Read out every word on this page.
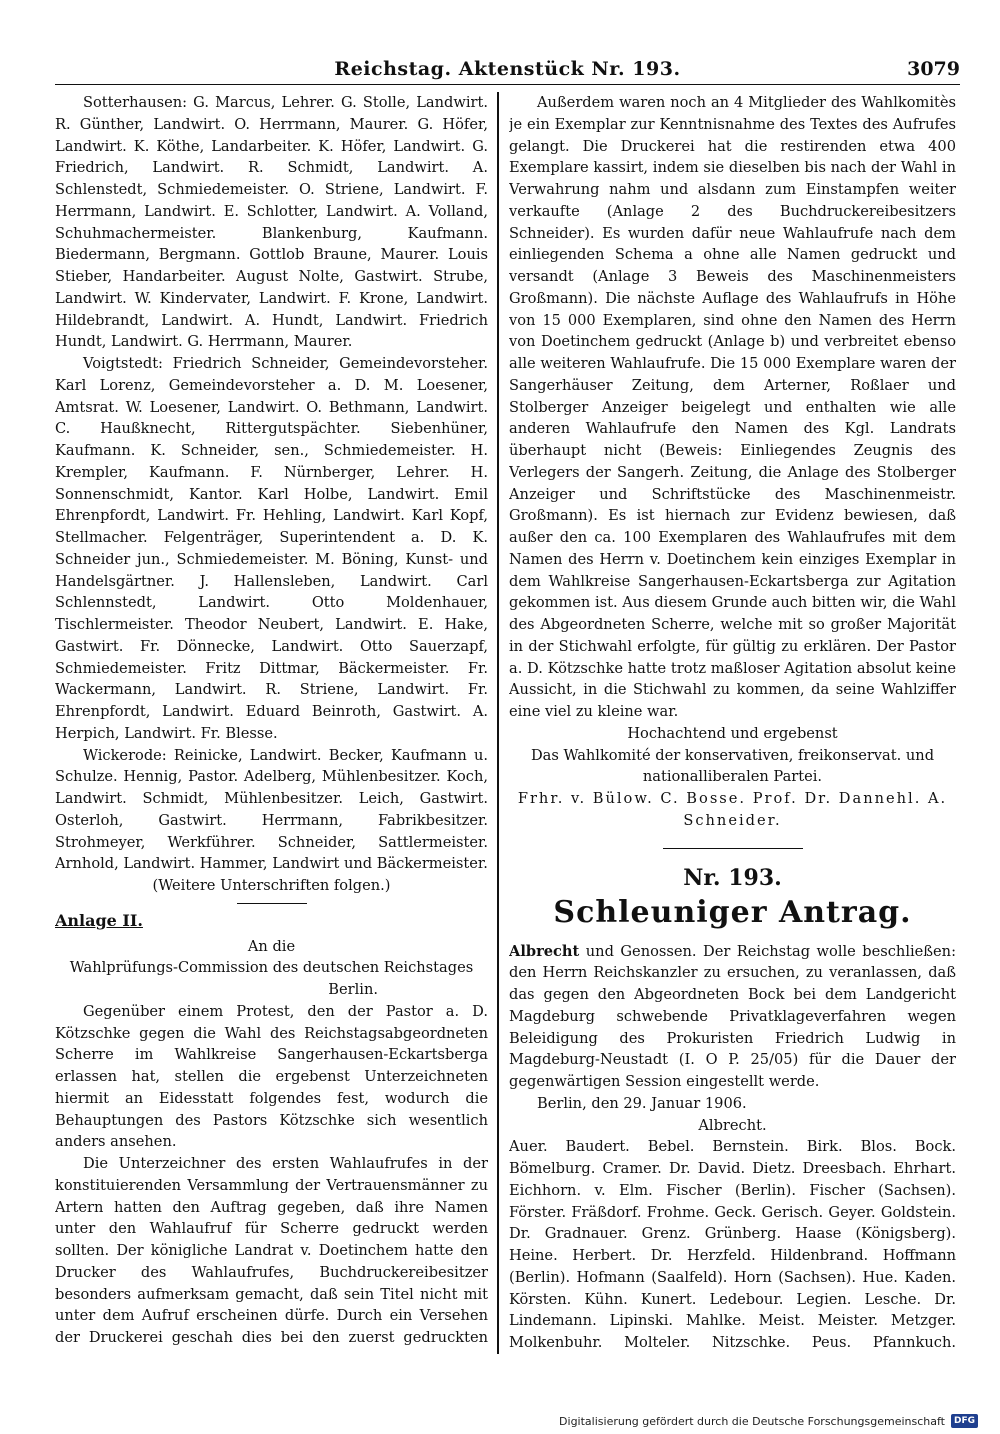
Reichstag. Aktenstück Nr. 193.	3079

Sotterhausen: G. Marcus, Lehrer. G. Stolle, Landwirt. R. Günther, Landwirt. O. Herrmann, Maurer. G. Höfer, Landwirt. K. Köthe, Landarbeiter. K. Höfer, Landwirt. G. Friedrich, Landwirt. R. Schmidt, Landwirt. A. Schlenstedt, Schmiedemeister. O. Striene, Landwirt. F. Herrmann, Landwirt. E. Schlotter, Landwirt. A. Volland, Schuhmachermeister. Blankenburg, Kaufmann. Biedermann, Bergmann. Gottlob Braune, Maurer. Louis Stieber, Handarbeiter. August Nolte, Gastwirt. Strube, Landwirt. W. Kindervater, Landwirt. F. Krone, Landwirt. Hildebrandt, Landwirt. A. Hundt, Landwirt. Friedrich Hundt, Landwirt. G. Herrmann, Maurer.

Voigtstedt: Friedrich Schneider, Gemeindevorsteher. Karl Lorenz, Gemeindevorsteher a. D. M. Loesener, Amtsrat. W. Loesener, Landwirt. O. Bethmann, Landwirt. C. Haußknecht, Rittergutspächter. Siebenhüner, Kaufmann. K. Schneider, sen., Schmiedemeister. H. Krempler, Kaufmann. F. Nürnberger, Lehrer. H. Sonnenschmidt, Kantor. Karl Holbe, Landwirt. Emil Ehrenpfordt, Landwirt. Fr. Hehling, Landwirt. Karl Kopf, Stellmacher. Felgenträger, Superintendent a. D. K. Schneider jun., Schmiedemeister. M. Böning, Kunst- und Handelsgärtner. J. Hallensleben, Landwirt. Carl Schlennstedt, Landwirt. Otto Moldenhauer, Tischlermeister. Theodor Neubert, Landwirt. E. Hake, Gastwirt. Fr. Dönnecke, Landwirt. Otto Sauerzapf, Schmiedemeister. Fritz Dittmar, Bäckermeister. Fr. Wackermann, Landwirt. R. Striene, Landwirt. Fr. Ehrenpfordt, Landwirt. Eduard Beinroth, Gastwirt. A. Herpich, Landwirt. Fr. Blesse.

Wickerode: Reinicke, Landwirt. Becker, Kaufmann u. Schulze. Hennig, Pastor. Adelberg, Mühlenbesitzer. Koch, Landwirt. Schmidt, Mühlenbesitzer. Leich, Gastwirt. Osterloh, Gastwirt. Herrmann, Fabrikbesitzer. Strohmeyer, Werkführer. Schneider, Sattlermeister. Arnhold, Landwirt. Hammer, Landwirt und Bäckermeister.

(Weitere Unterschriften folgen.)

Anlage II.

An die

Wahlprüfungs-Commission des deutschen Reichstages

Berlin.

Gegenüber einem Protest, den der Pastor a. D. Kötzschke gegen die Wahl des Reichstagsabgeordneten Scherre im Wahlkreise Sangerhausen-Eckartsberga erlassen hat, stellen die ergebenst Unterzeichneten hiermit an Eidesstatt folgendes fest, wodurch die Behauptungen des Pastors Kötzschke sich wesentlich anders ansehen.

Die Unterzeichner des ersten Wahlaufrufes in der konstituierenden Versammlung der Vertrauensmänner zu Artern hatten den Auftrag gegeben, daß ihre Namen unter den Wahlaufruf für Scherre gedruckt werden sollten. Der königliche Landrat v. Doetinchem hatte den Drucker des Wahlaufrufes, Buchdruckereibesitzer besonders aufmerksam gemacht, daß sein Titel nicht mit unter dem Aufruf erscheinen dürfe. Durch ein Versehen der Druckerei geschah dies bei den zuerst gedruckten

Außerdem waren noch an 4 Mitglieder des Wahlkomitès je ein Exemplar zur Kenntnisnahme des Textes des Aufrufes gelangt. Die Druckerei hat die restirenden etwa 400 Exemplare kassirt, indem sie dieselben bis nach der Wahl in Verwahrung nahm und alsdann zum Einstampfen weiter verkaufte (Anlage 2 des Buchdruckereibesitzers Schneider). Es wurden dafür neue Wahlaufrufe nach dem einliegenden Schema a ohne alle Namen gedruckt und versandt (Anlage 3 Beweis des Maschinenmeisters Großmann). Die nächste Auflage des Wahlaufrufs in Höhe von 15 000 Exemplaren, sind ohne den Namen des Herrn von Doetinchem gedruckt (Anlage b) und verbreitet ebenso alle weiteren Wahlaufrufe. Die 15 000 Exemplare waren der Sangerhäuser Zeitung, dem Arterner, Roßlaer und Stolberger Anzeiger beigelegt und enthalten wie alle anderen Wahlaufrufe den Namen des Kgl. Landrats überhaupt nicht (Beweis: Einliegendes Zeugnis des Verlegers der Sangerh. Zeitung, die Anlage des Stolberger Anzeiger und Schriftstücke des Maschinenmeistr. Großmann). Es ist hiernach zur Evidenz bewiesen, daß außer den ca. 100 Exemplaren des Wahlaufrufes mit dem Namen des Herrn v. Doetinchem kein einziges Exemplar in dem Wahlkreise Sangerhausen-Eckartsberga zur Agitation gekommen ist. Aus diesem Grunde auch bitten wir, die Wahl des Abgeordneten Scherre, welche mit so großer Majorität in der Stichwahl erfolgte, für gültig zu erklären. Der Pastor a. D. Kötzschke hatte trotz maßloser Agitation absolut keine Aussicht, in die Stichwahl zu kommen, da seine Wahlziffer eine viel zu kleine war.

Hochachtend und ergebenst

Das Wahlkomité der konservativen, freikonservat. und nationalliberalen Partei.

Frhr. v. Bülow. C. Bosse. Prof. Dr. Dannehl. A. Schneider.

Nr. 193.

Schleuniger Antrag.

Albrecht und Genossen. Der Reichstag wolle beschließen: den Herrn Reichskanzler zu ersuchen, zu veranlassen, daß das gegen den Abgeordneten Bock bei dem Landgericht Magdeburg schwebende Privatklageverfahren wegen Beleidigung des Prokuristen Friedrich Ludwig in Magdeburg-Neustadt (I. O P. 25/05) für die Dauer der gegenwärtigen Session eingestellt werde.

Berlin, den 29. Januar 1906.

Albrecht.

Auer. Baudert. Bebel. Bernstein. Birk. Blos. Bock. Bömelburg. Cramer. Dr. David. Dietz. Dreesbach. Ehrhart. Eichhorn. v. Elm. Fischer (Berlin). Fischer (Sachsen). Förster. Fräßdorf. Frohme. Geck. Gerisch. Geyer. Goldstein. Dr. Gradnauer. Grenz. Grünberg. Haase (Königsberg). Heine. Herbert. Dr. Herzfeld. Hildenbrand. Hoffmann (Berlin). Hofmann (Saalfeld). Horn (Sachsen). Hue. Kaden. Körsten. Kühn. Kunert. Ledebour. Legien. Lesche. Dr. Lindemann. Lipinski. Mahlke. Meist. Meister. Metzger. Molkenbuhr. Molteler. Nitzschke. Peus. Pfannkuch.

Digitalisierung gefördert durch die Deutsche Forschungsgemeinschaft	DFG
